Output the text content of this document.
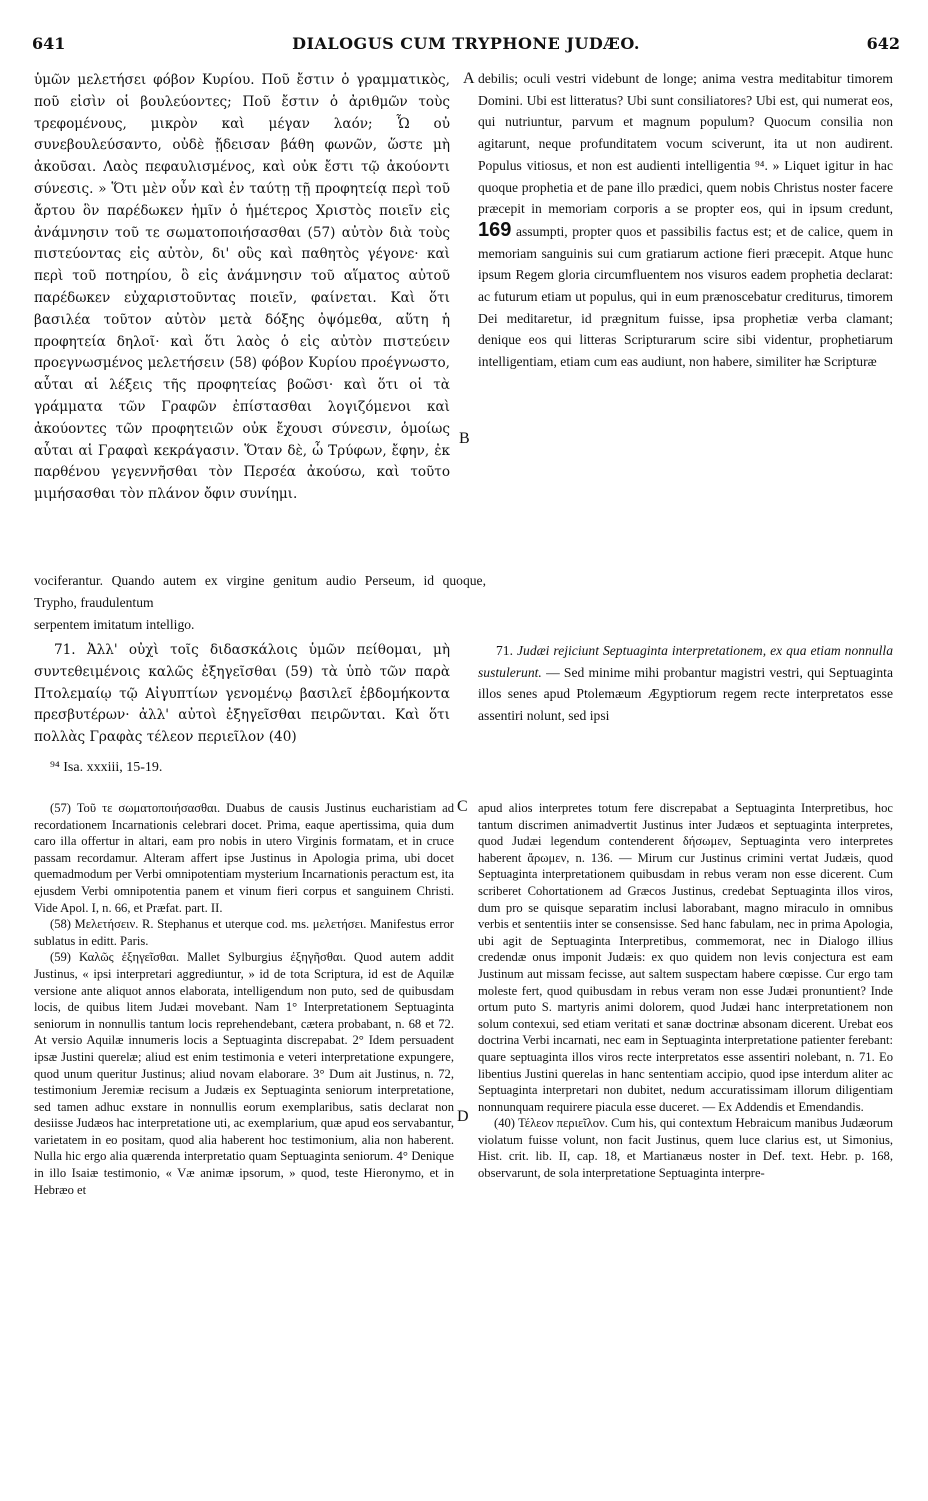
641	DIALOGUS CUM TRYPHONE JUDÆO.	642
A
B
C
D

ὑμῶν μελετήσει φόβον Κυρίου. Ποῦ ἔστιν ὁ γραμματικὸς, ποῦ εἰσὶν οἱ βουλεύοντες; Ποῦ ἔστιν ὁ ἀριθμῶν τοὺς τρεφομένους, μικρὸν καὶ μέγαν λαόν; Ὧ οὐ συνεβουλεύσαντο, οὐδὲ ᾔδεισαν βάθη φωνῶν, ὥστε μὴ ἀκοῦσαι. Λαὸς πεφαυλισμένος, καὶ οὐκ ἔστι τῷ ἀκούοντι σύνεσις. » Ὅτι μὲν οὖν καὶ ἐν ταύτῃ τῇ προφητείᾳ περὶ τοῦ ἄρτου ὃν παρέδωκεν ἡμῖν ὁ ἡμέτερος Χριστὸς ποιεῖν εἰς ἀνάμνησιν τοῦ τε σωματοποιήσασθαι (57) αὐτὸν διὰ τοὺς πιστεύοντας εἰς αὐτὸν, δι' οὓς καὶ παθητὸς γέγονε· καὶ περὶ τοῦ ποτηρίου, ὃ εἰς ἀνάμνησιν τοῦ αἵματος αὐτοῦ παρέδωκεν εὐχαριστοῦντας ποιεῖν, φαίνεται. Καὶ ὅτι βασιλέα τοῦτον αὐτὸν μετὰ δόξης ὀψόμεθα, αὕτη ἡ προφητεία δηλοῖ· καὶ ὅτι λαὸς ὁ εἰς αὐτὸν πιστεύειν προεγνωσμένος μελετήσειν (58) φόβον Κυρίου προέγνωστο, αὗται αἱ λέξεις τῆς προφητείας βοῶσι· καὶ ὅτι οἱ τὰ γράμματα τῶν Γραφῶν ἐπίστασθαι λογιζόμενοι καὶ ἀκούοντες τῶν προφητειῶν οὐκ ἔχουσι σύνεσιν, ὁμοίως αὗται αἱ Γραφαὶ κεκράγασιν. Ὅταν δὲ, ὦ Τρύφων, ἔφην, ἐκ παρθένου γεγεννῆσθαι τὸν Περσέα ἀκούσω, καὶ τοῦτο μιμήσασθαι τὸν πλάνον ὄφιν συνίημι.

debilis; oculi vestri videbunt de longe; anima vestra meditabitur timorem Domini. Ubi est litteratus? Ubi sunt consiliatores? Ubi est, qui numerat eos, qui nutriuntur, parvum et magnum populum? Quocum consilia non agitarunt, neque profunditatem vocum sciverunt, ita ut non audirent. Populus vitiosus, et non est audienti intelligentia ⁹⁴. » Liquet igitur in hac quoque prophetia et de pane illo prædici, quem nobis Christus noster facere præcepit in memoriam corporis a se propter eos, qui in ipsum credunt, 169 assumpti, propter quos et passibilis factus est; et de calice, quem in memoriam sanguinis sui cum gratiarum actione fieri præcepit. Atque hunc ipsum Regem gloria circumfluentem nos visuros eadem prophetia declarat: ac futurum etiam ut populus, qui in eum prænoscebatur crediturus, timorem Dei meditaretur, id prægnitum fuisse, ipsa prophetiæ verba clamant; denique eos qui litteras Scripturarum scire sibi videntur, prophetiarum intelligentiam, etiam cum eas audiunt, non habere, similiter hæ Scripturæ

vociferantur. Quando autem ex virgine genitum audio Perseum, id quoque, Trypho, fraudulentum

serpentem imitatum intelligo.

71. Ἀλλ' οὐχὶ τοῖς διδασκάλοις ὑμῶν πείθομαι, μὴ συντεθειμένοις καλῶς ἐξηγεῖσθαι (59) τὰ ὑπὸ τῶν παρὰ Πτολεμαίῳ τῷ Αἰγυπτίων γενομένῳ βασιλεῖ ἑβδομήκοντα πρεσβυτέρων· ἀλλ' αὐτοὶ ἐξηγεῖσθαι πειρῶνται. Καὶ ὅτι πολλὰς Γραφὰς τέλεον περιεῖλον (40)

71. Judæi rejiciunt Septuaginta interpretationem, ex qua etiam nonnulla sustulerunt. — Sed minime mihi probantur magistri vestri, qui Septuaginta illos senes apud Ptolemæum Ægyptiorum regem recte interpretatos esse assentiri nolunt, sed ipsi

⁹⁴ Isa. xxxiii, 15-19.

(57) Τοῦ τε σωματοποιήσασθαι. Duabus de causis Justinus eucharistiam ad recordationem Incarnationis celebrari docet. Prima, eaque apertissima, quia dum caro illa offertur in altari, eam pro nobis in utero Virginis formatam, et in cruce passam recordamur. Alteram affert ipse Justinus in Apologia prima, ubi docet quemadmodum per Verbi omnipotentiam mysterium Incarnationis peractum est, ita ejusdem Verbi omnipotentia panem et vinum fieri corpus et sanguinem Christi. Vide Apol. I, n. 66, et Præfat. part. II.

(58) Μελετήσειν. R. Stephanus et uterque cod. ms. μελετήσει. Manifestus error sublatus in editt. Paris.

(59) Καλῶς ἐξηγεῖσθαι. Mallet Sylburgius ἐξηγῆσθαι. Quod autem addit Justinus, « ipsi interpretari aggrediuntur, » id de tota Scriptura, id est de Aquilæ versione ante aliquot annos elaborata, intelligendum non puto, sed de quibusdam locis, de quibus litem Judæi movebant. Nam 1° Interpretationem Septuaginta seniorum in nonnullis tantum locis reprehendebant, cætera probabant, n. 68 et 72. At versio Aquilæ innumeris locis a Septuaginta discrepabat. 2° Idem persuadent ipsæ Justini querelæ; aliud est enim testimonia e veteri interpretatione expungere, quod unum queritur Justinus; aliud novam elaborare. 3° Dum ait Justinus, n. 72, testimonium Jeremiæ recisum a Judæis ex Septuaginta seniorum interpretatione, sed tamen adhuc exstare in nonnullis eorum exemplaribus, satis declarat non desiisse Judæos hac interpretatione uti, ac exemplarium, quæ apud eos servabantur, varietatem in eo positam, quod alia haberent hoc testimonium, alia non haberent. Nulla hic ergo alia quærenda interpretatio quam Septuaginta seniorum. 4° Denique in illo Isaiæ testimonio, « Væ animæ ipsorum, » quod, teste Hieronymo, et in Hebræo et

apud alios interpretes totum fere discrepabat a Septuaginta Interpretibus, hoc tantum discrimen animadvertit Justinus inter Judæos et septuaginta interpretes, quod Judæi legendum contenderent δήσωμεν, Septuaginta vero interpretes haberent ἄρωμεν, n. 136. — Mirum cur Justinus crimini vertat Judæis, quod Septuaginta interpretationem quibusdam in rebus veram non esse dicerent. Cum scriberet Cohortationem ad Græcos Justinus, credebat Septuaginta illos viros, dum pro se quisque separatim inclusi laborabant, magno miraculo in omnibus verbis et sententiis inter se consensisse. Sed hanc fabulam, nec in prima Apologia, ubi agit de Septuaginta Interpretibus, commemorat, nec in Dialogo illius credendæ onus imponit Judæis: ex quo quidem non levis conjectura est eam Justinum aut missam fecisse, aut saltem suspectam habere cœpisse. Cur ergo tam moleste fert, quod quibusdam in rebus veram non esse Judæi pronuntient? Inde ortum puto S. martyris animi dolorem, quod Judæi hanc interpretationem non solum contexui, sed etiam veritati et sanæ doctrinæ absonam dicerent. Urebat eos doctrina Verbi incarnati, nec eam in Septuaginta interpretatione patienter ferebant: quare septuaginta illos viros recte interpretatos esse assentiri nolebant, n. 71. Eo libentius Justini querelas in hanc sententiam accipio, quod ipse interdum aliter ac Septuaginta interpretari non dubitet, nedum accuratissimam illorum diligentiam nonnunquam requirere piacula esse duceret. — Ex Addendis et Emendandis.

(40) Τέλεον περιεῖλον. Cum his, qui contextum Hebraicum manibus Judæorum violatum fuisse volunt, non facit Justinus, quem luce clarius est, ut Simonius, Hist. crit. lib. II, cap. 18, et Martianæus noster in Def. text. Hebr. p. 168, observarunt, de sola interpretatione Septuaginta interpre-
